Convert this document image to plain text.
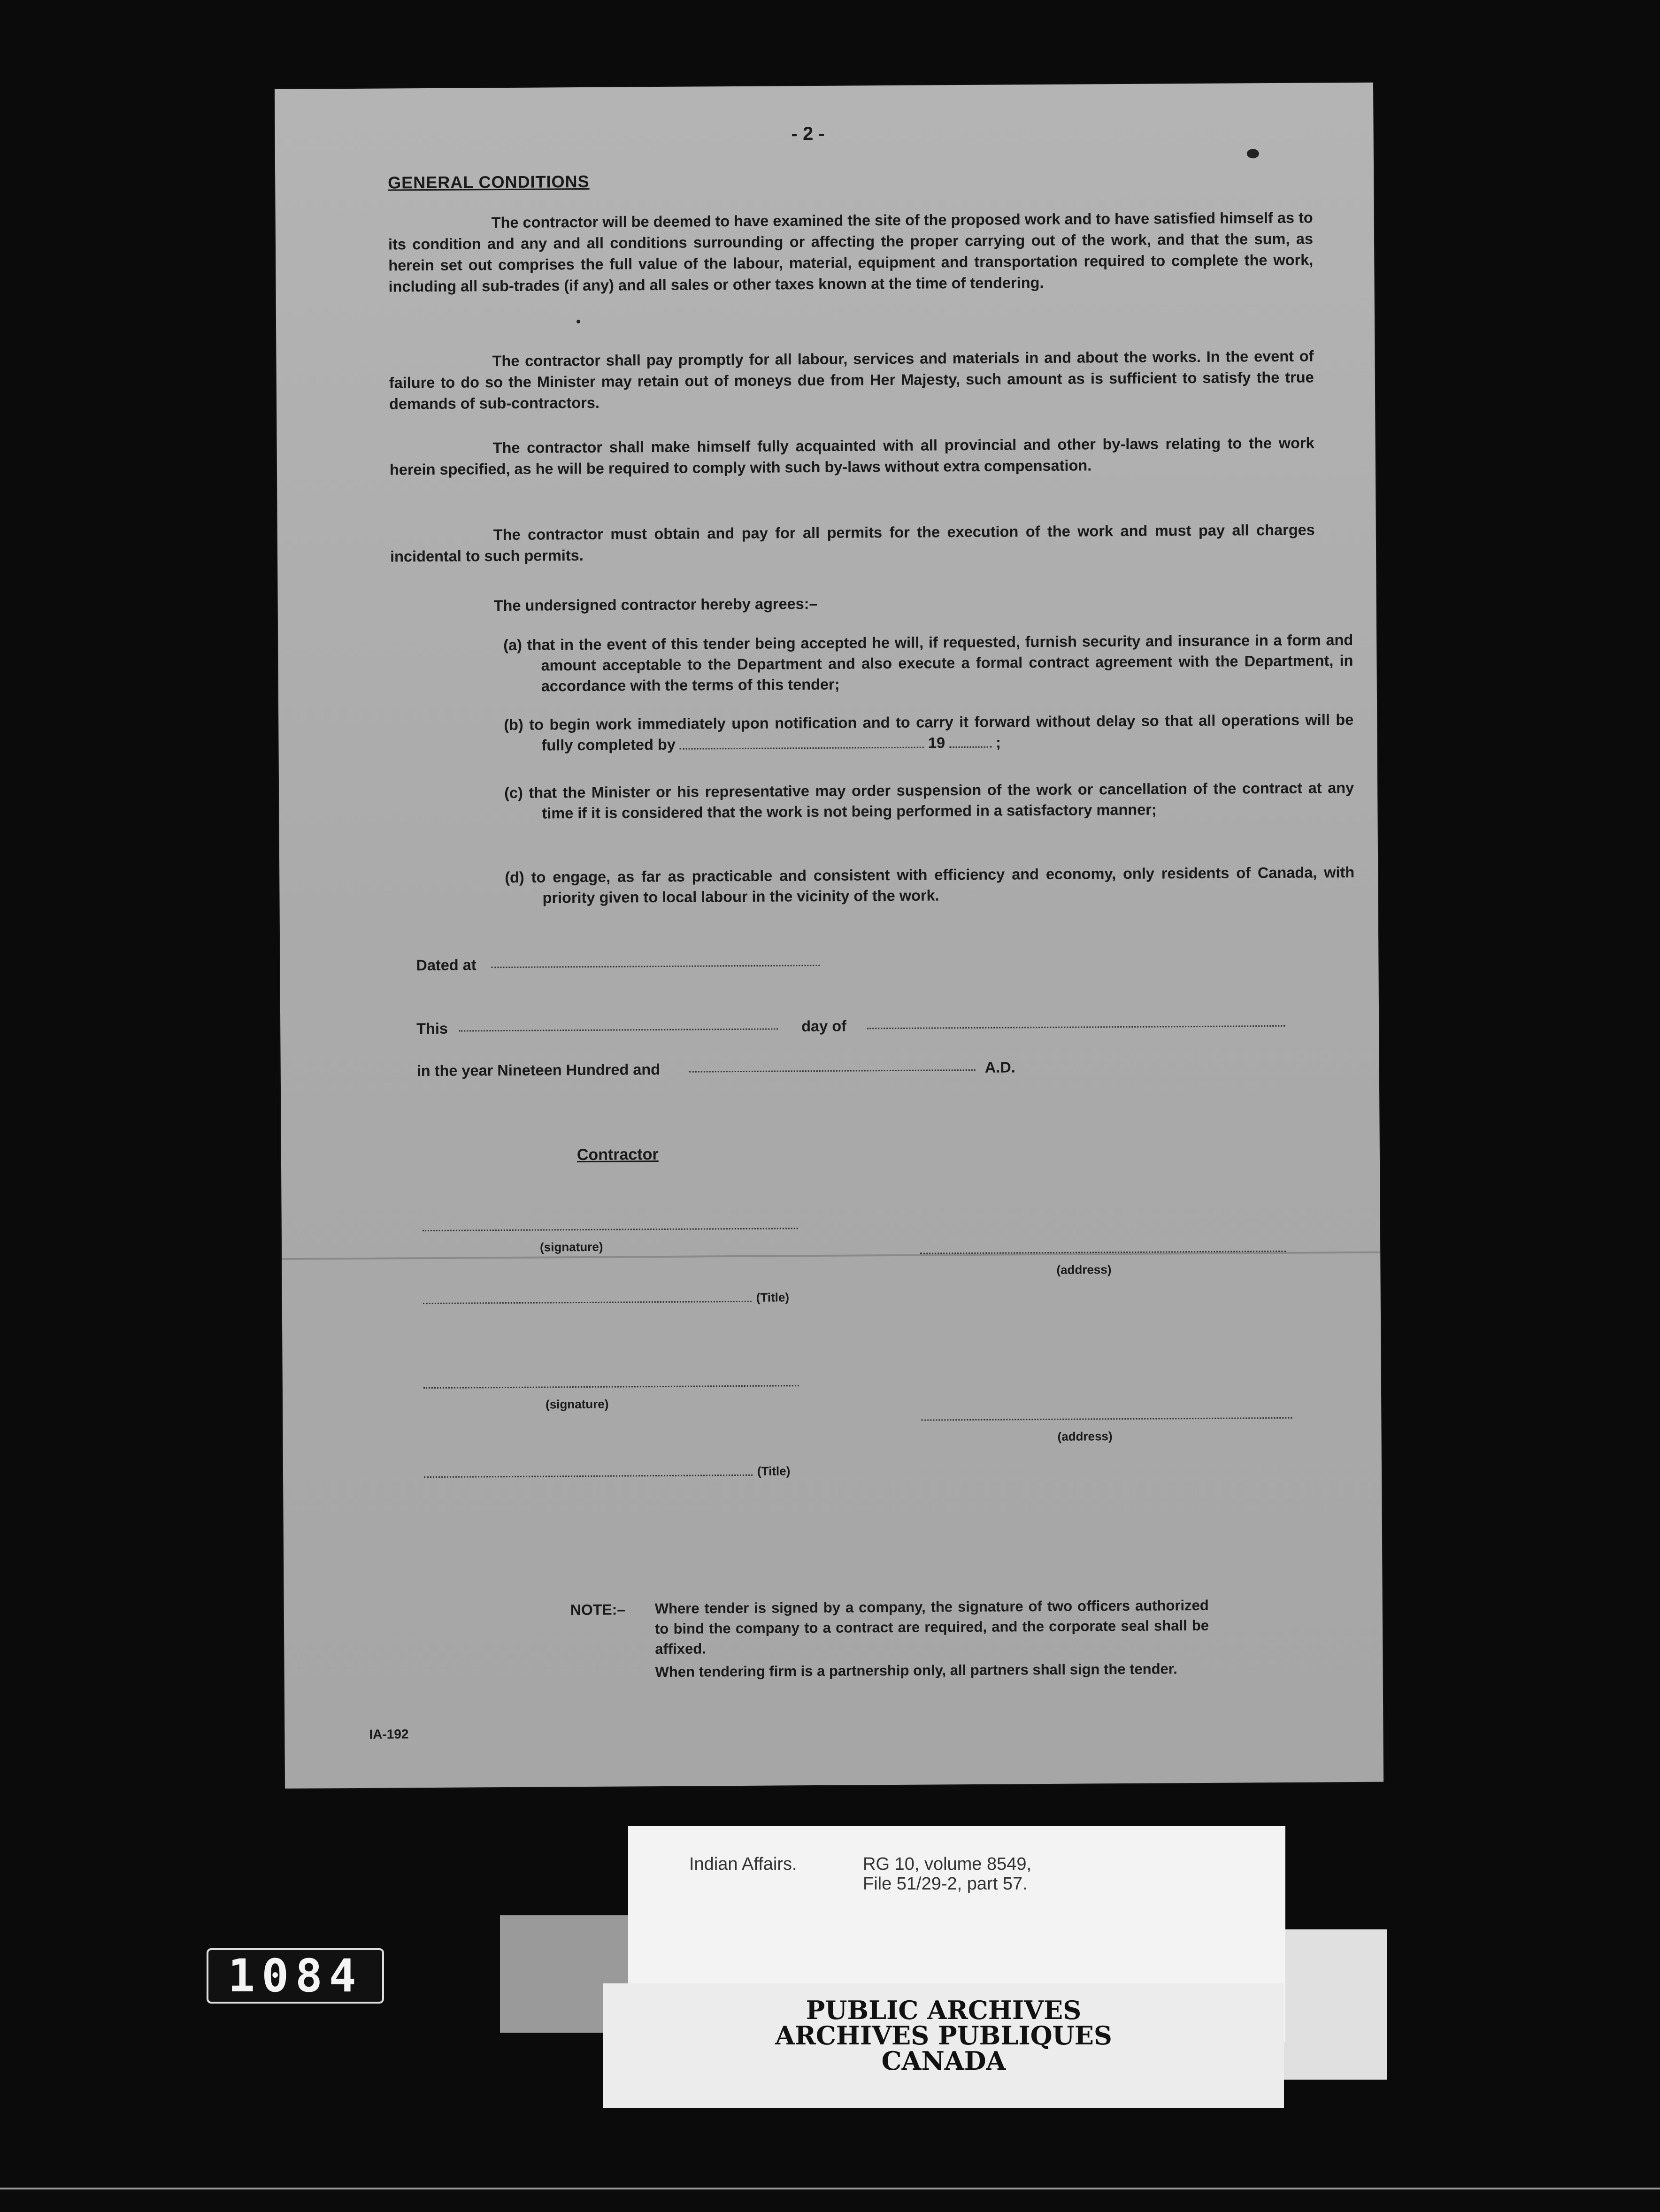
- 2 -
GENERAL CONDITIONS
The contractor will be deemed to have examined the site of the proposed work and to have satisfied himself as to its condition and any and all conditions surrounding or affecting the proper carrying out of the work, and that the sum, as herein set out comprises the full value of the labour, material, equipment and transportation required to complete the work, including all sub-trades (if any) and all sales or other taxes known at the time of tendering.
The contractor shall pay promptly for all labour, services and materials in and about the works. In the event of failure to do so the Minister may retain out of moneys due from Her Majesty, such amount as is sufficient to satisfy the true demands of sub-contractors.
The contractor shall make himself fully acquainted with all provincial and other by-laws relating to the work herein specified, as he will be required to comply with such by-laws without extra compensation.
The contractor must obtain and pay for all permits for the execution of the work and must pay all charges incidental to such permits.
The undersigned contractor hereby agrees:–
(a) that in the event of this tender being accepted he will, if requested, furnish security and insurance in a form and amount acceptable to the Department and also execute a formal contract agreement with the Department, in accordance with the terms of this tender;
(b) to begin work immediately upon notification and to carry it forward without delay so that all operations will be fully completed by	19	;
(c) that the Minister or his representative may order suspension of the work or cancellation of the contract at any time if it is considered that the work is not being performed in a satisfactory manner;
(d) to engage, as far as practicable and consistent with efficiency and economy, only residents of Canada, with priority given to local labour in the vicinity of the work.
Dated at
This	day of
in the year Nineteen Hundred and	A.D.
Contractor
(signature)
(address)
(Title)
(signature)
(address)
(Title)
NOTE:– Where tender is signed by a company, the signature of two officers authorized to bind the company to a contract are required, and the corporate seal shall be affixed.
When tendering firm is a partnership only, all partners shall sign the tender.
IA-192
Indian Affairs.	RG 10, volume 8549,
File 51/29-2, part 57.
PUBLIC ARCHIVES
ARCHIVES PUBLIQUES
CANADA
1084
